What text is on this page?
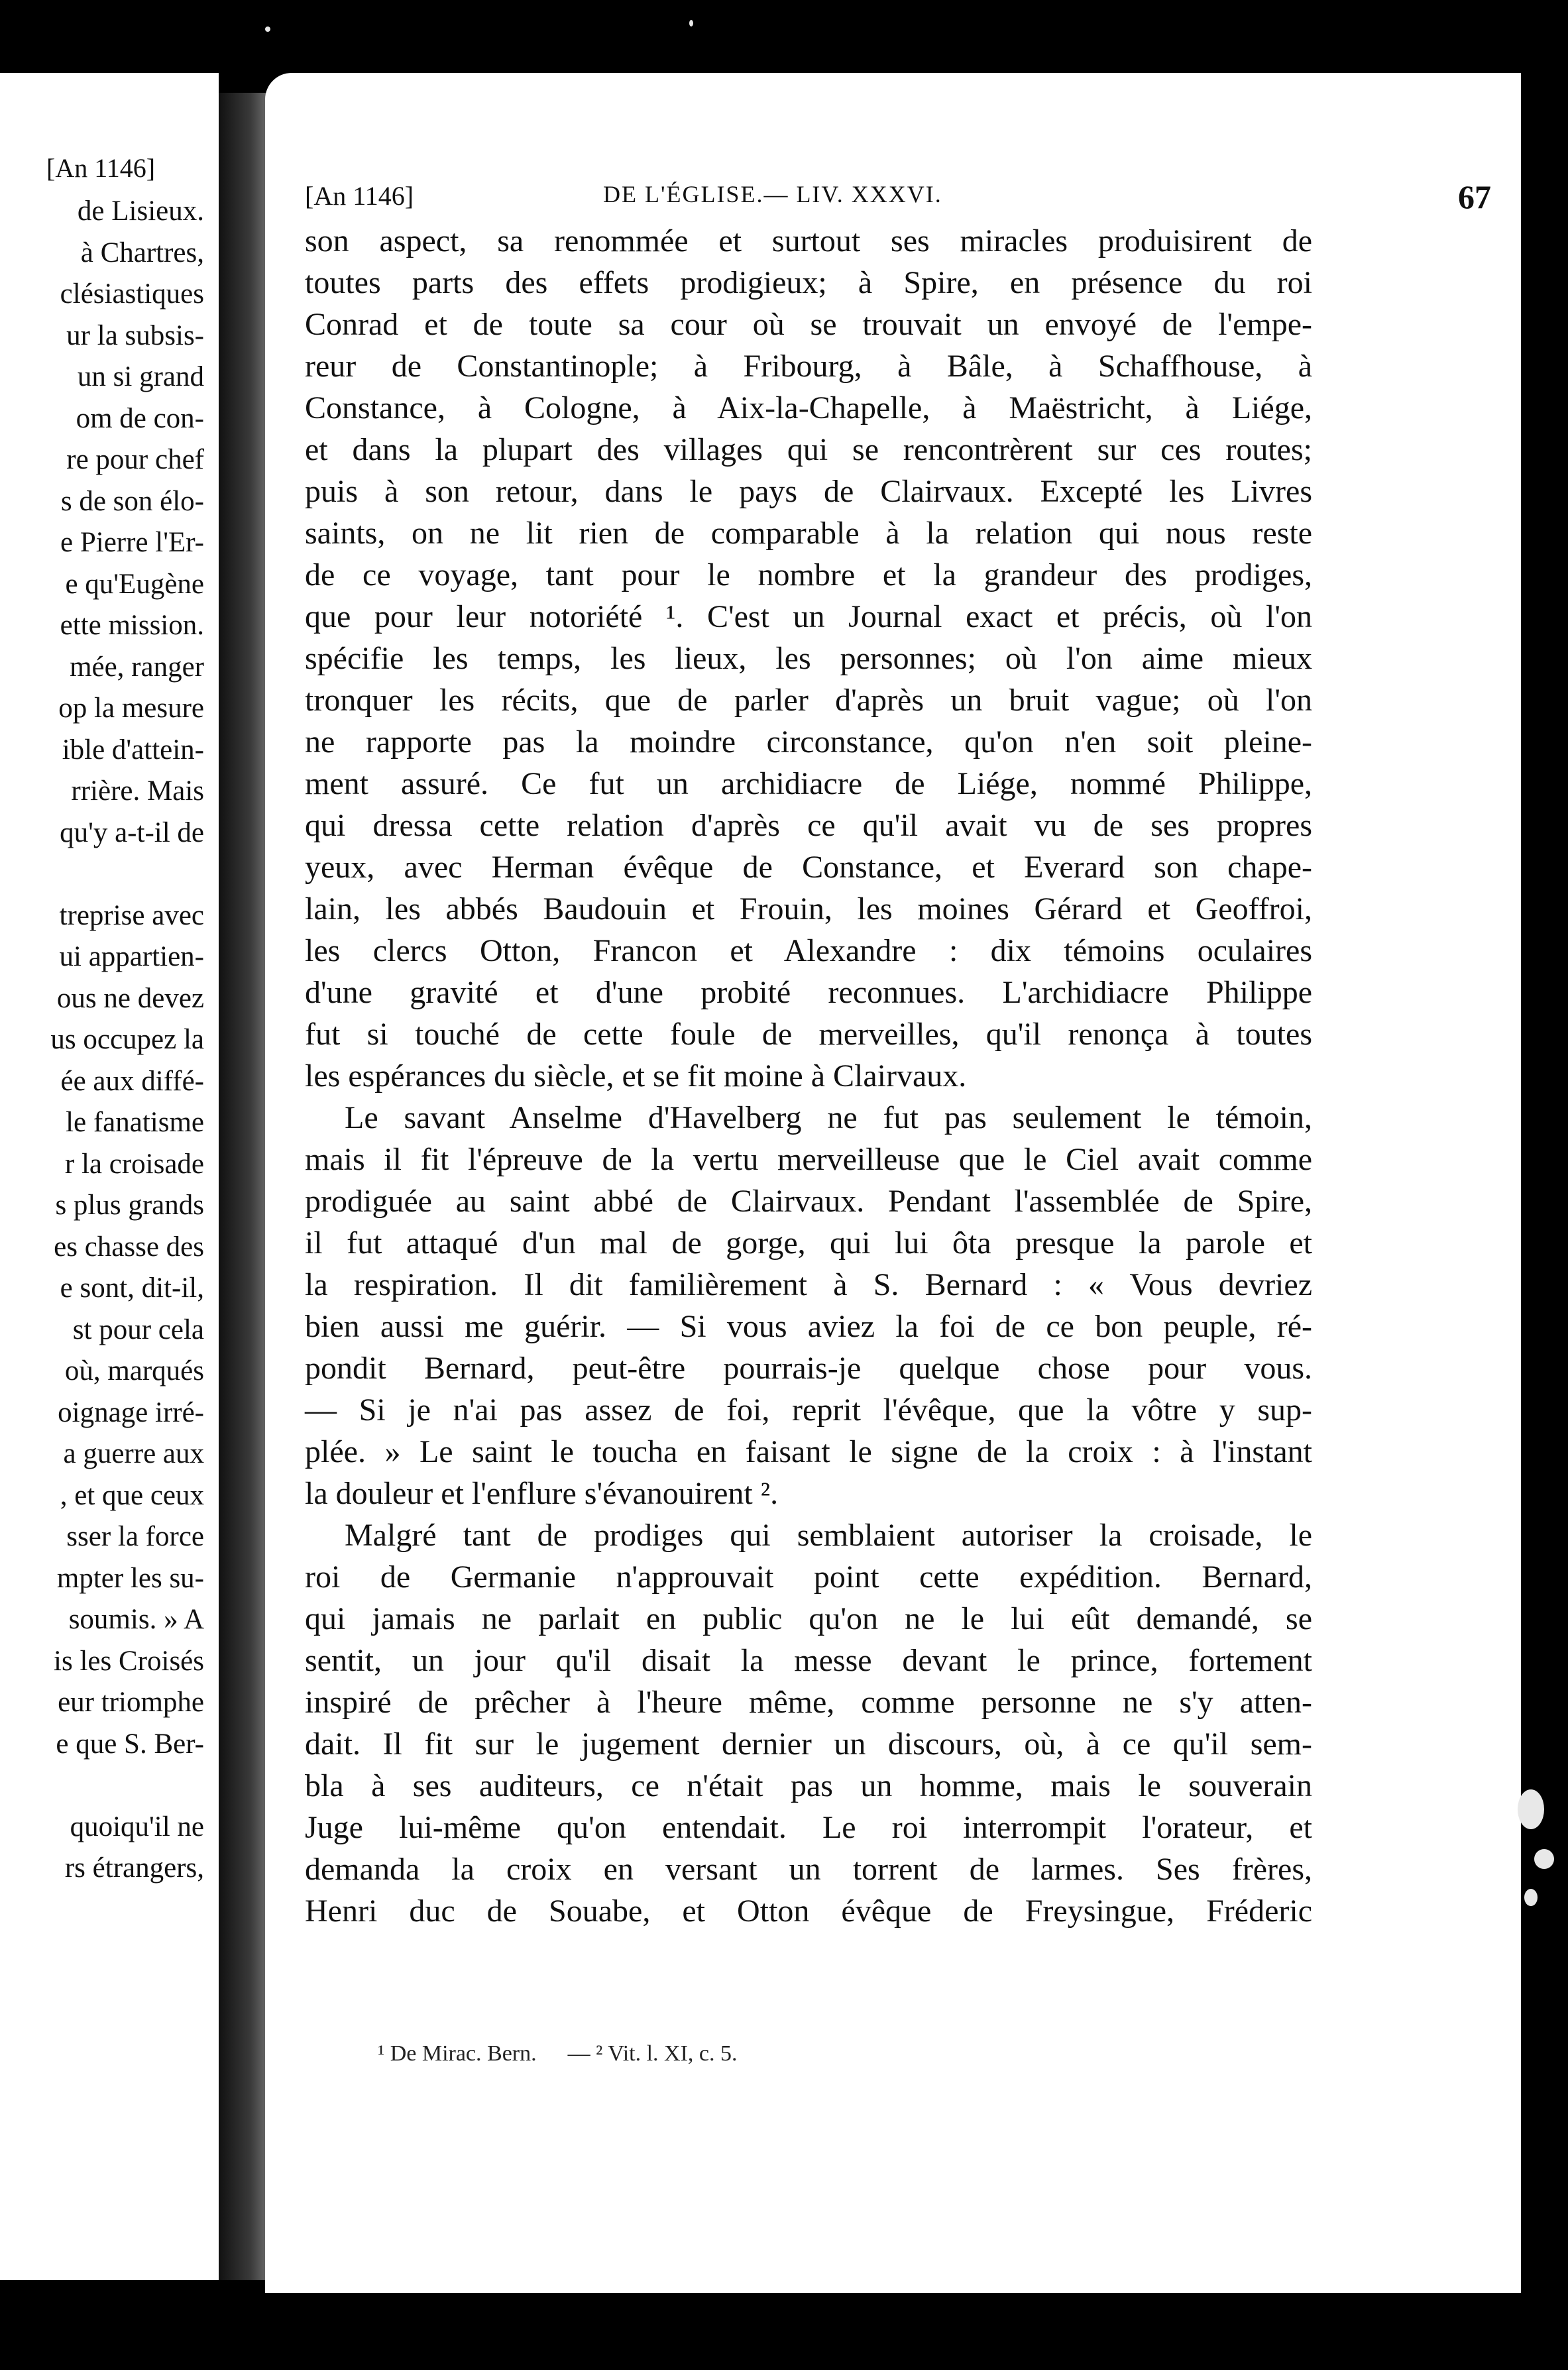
[An 1146]
de Lisieux.
à Chartres,
clésiastiques
ur la subsis-
un si grand
om de con-
re pour chef
s de son élo-
e Pierre l'Er-
e qu'Eugène
ette mission.
mée, ranger
op la mesure
ible d'attein-
rrière. Mais
qu'y a-t-il de
treprise avec
ui appartien-
ous ne devez
us occupez la
ée aux diffé-
le fanatisme
r la croisade
s plus grands
es chasse des
e sont, dit-il,
st pour cela
où, marqués
oignage irré-
a guerre aux
, et que ceux
sser la force
mpter les su-
soumis. » A
is les Croisés
eur triomphe
e que S. Ber-
quoiqu'il ne
rs étrangers,
[An 1146]	DE L'ÉGLISE.— LIV. XXXVI.	67
son aspect, sa renommée et surtout ses miracles produisirent de
toutes parts des effets prodigieux; à Spire, en présence du roi
Conrad et de toute sa cour où se trouvait un envoyé de l'empe-
reur de Constantinople; à Fribourg, à Bâle, à Schaffhouse, à
Constance, à Cologne, à Aix-la-Chapelle, à Maëstricht, à Liége,
et dans la plupart des villages qui se rencontrèrent sur ces routes;
puis à son retour, dans le pays de Clairvaux. Excepté les Livres
saints, on ne lit rien de comparable à la relation qui nous reste
de ce voyage, tant pour le nombre et la grandeur des prodiges,
que pour leur notoriété ¹. C'est un Journal exact et précis, où l'on
spécifie les temps, les lieux, les personnes; où l'on aime mieux
tronquer les récits, que de parler d'après un bruit vague; où l'on
ne rapporte pas la moindre circonstance, qu'on n'en soit pleine-
ment assuré. Ce fut un archidiacre de Liége, nommé Philippe,
qui dressa cette relation d'après ce qu'il avait vu de ses propres
yeux, avec Herman évêque de Constance, et Everard son chape-
lain, les abbés Baudouin et Frouin, les moines Gérard et Geoffroi,
les clercs Otton, Francon et Alexandre : dix témoins oculaires
d'une gravité et d'une probité reconnues. L'archidiacre Philippe
fut si touché de cette foule de merveilles, qu'il renonça à toutes
les espérances du siècle, et se fit moine à Clairvaux.
Le savant Anselme d'Havelberg ne fut pas seulement le témoin,
mais il fit l'épreuve de la vertu merveilleuse que le Ciel avait comme
prodiguée au saint abbé de Clairvaux. Pendant l'assemblée de Spire,
il fut attaqué d'un mal de gorge, qui lui ôta presque la parole et
la respiration. Il dit familièrement à S. Bernard : « Vous devriez
bien aussi me guérir. — Si vous aviez la foi de ce bon peuple, ré-
pondit Bernard, peut-être pourrais-je quelque chose pour vous.
— Si je n'ai pas assez de foi, reprit l'évêque, que la vôtre y sup-
plée. » Le saint le toucha en faisant le signe de la croix : à l'instant
la douleur et l'enflure s'évanouirent ².
Malgré tant de prodiges qui semblaient autoriser la croisade, le
roi de Germanie n'approuvait point cette expédition. Bernard,
qui jamais ne parlait en public qu'on ne le lui eût demandé, se
sentit, un jour qu'il disait la messe devant le prince, fortement
inspiré de prêcher à l'heure même, comme personne ne s'y atten-
dait. Il fit sur le jugement dernier un discours, où, à ce qu'il sem-
bla à ses auditeurs, ce n'était pas un homme, mais le souverain
Juge lui-même qu'on entendait. Le roi interrompit l'orateur, et
demanda la croix en versant un torrent de larmes. Ses frères,
Henri duc de Souabe, et Otton évêque de Freysingue, Fréderic
¹ De Mirac. Bern. — ² Vit. l. XI, c. 5.
